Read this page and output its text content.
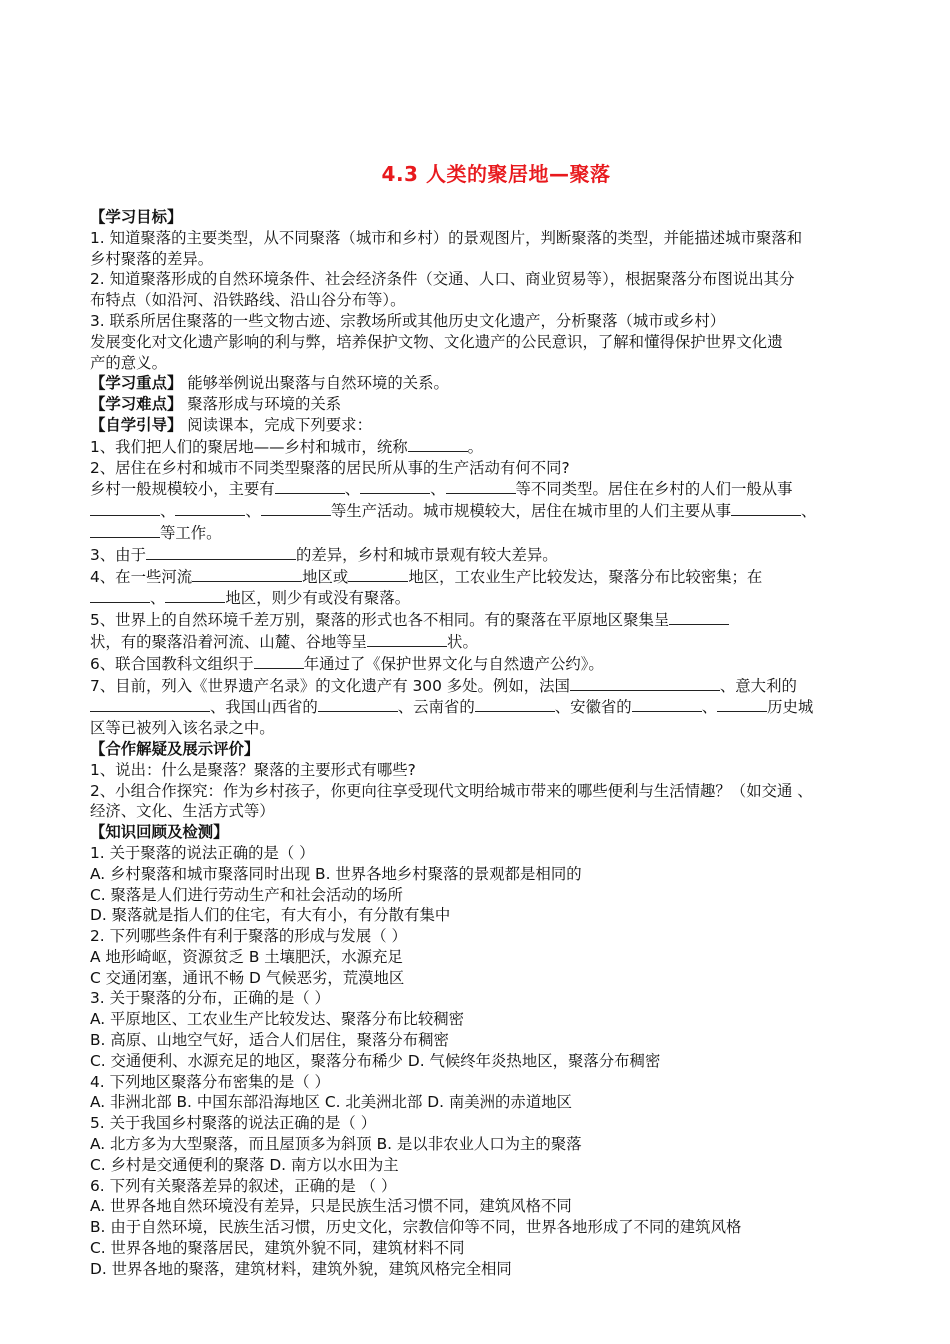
4.3 人类的聚居地—聚落
【学习目标】
1. 知道聚落的主要类型，从不同聚落（城市和乡村）的景观图片，判断聚落的类型，并能描述城市聚落和
乡村聚落的差异。
2. 知道聚落形成的自然环境条件、社会经济条件（交通、人口、商业贸易等），根据聚落分布图说出其分
布特点（如沿河、沿铁路线、沿山谷分布等）。
3. 联系所居住聚落的一些文物古迹、宗教场所或其他历史文化遗产，分析聚落（城市或乡村）
发展变化对文化遗产影响的利与弊，培养保护文物、文化遗产的公民意识，了解和懂得保护世界文化遗
产的意义。
【学习重点】 能够举例说出聚落与自然环境的关系。
【学习难点】 聚落形成与环境的关系
【自学引导】 阅读课本，完成下列要求：
1、我们把人们的聚居地——乡村和城市，统称	。
2、居住在乡村和城市不同类型聚落的居民所从事的生产活动有何不同?
乡村一般规模较小，主要有	、	、	等不同类型。居住在乡村的人们一般从事
、	、	等生产活动。城市规模较大，居住在城市里的人们主要从事	、
等工作。
3、由于	的差异，乡村和城市景观有较大差异。
4、在一些河流	地区或	地区，工农业生产比较发达，聚落分布比较密集；在
、	地区，则少有或没有聚落。
5、世界上的自然环境千差万别，聚落的形式也各不相同。有的聚落在平原地区聚集呈
状，有的聚落沿着河流、山麓、谷地等呈	状。
6、联合国教科文组织于	年通过了《保护世界文化与自然遗产公约》。
7、目前，列入《世界遗产名录》的文化遗产有 300 多处。例如，法国	、意大利的
、我国山西省的	、云南省的	、安徽省的	、	历史城
区等已被列入该名录之中。
【合作解疑及展示评价】
1、说出：什么是聚落？聚落的主要形式有哪些?
2、小组合作探究：作为乡村孩子，你更向往享受现代文明给城市带来的哪些便利与生活情趣？（如交通 、
经济、文化、生活方式等）
【知识回顾及检测】
1. 关于聚落的说法正确的是（ ）
A. 乡村聚落和城市聚落同时出现 B. 世界各地乡村聚落的景观都是相同的
C. 聚落是人们进行劳动生产和社会活动的场所
D. 聚落就是指人们的住宅，有大有小，有分散有集中
2. 下列哪些条件有利于聚落的形成与发展（ ）
A 地形崎岖，资源贫乏 B 土壤肥沃，水源充足
C 交通闭塞，通讯不畅 D 气候恶劣，荒漠地区
3. 关于聚落的分布，正确的是（ ）
A. 平原地区、工农业生产比较发达、聚落分布比较稠密
B. 高原、山地空气好，适合人们居住，聚落分布稠密
C. 交通便利、水源充足的地区，聚落分布稀少 D. 气候终年炎热地区，聚落分布稠密
4. 下列地区聚落分布密集的是（ ）
A. 非洲北部 B. 中国东部沿海地区 C. 北美洲北部 D. 南美洲的赤道地区
5. 关于我国乡村聚落的说法正确的是（ ）
A. 北方多为大型聚落，而且屋顶多为斜顶 B. 是以非农业人口为主的聚落
C. 乡村是交通便利的聚落 D. 南方以水田为主
6. 下列有关聚落差异的叙述，正确的是 （ ）
A. 世界各地自然环境没有差异，只是民族生活习惯不同，建筑风格不同
B. 由于自然环境，民族生活习惯，历史文化，宗教信仰等不同，世界各地形成了不同的建筑风格
C. 世界各地的聚落居民，建筑外貌不同，建筑材料不同
D. 世界各地的聚落，建筑材料，建筑外貌，建筑风格完全相同
